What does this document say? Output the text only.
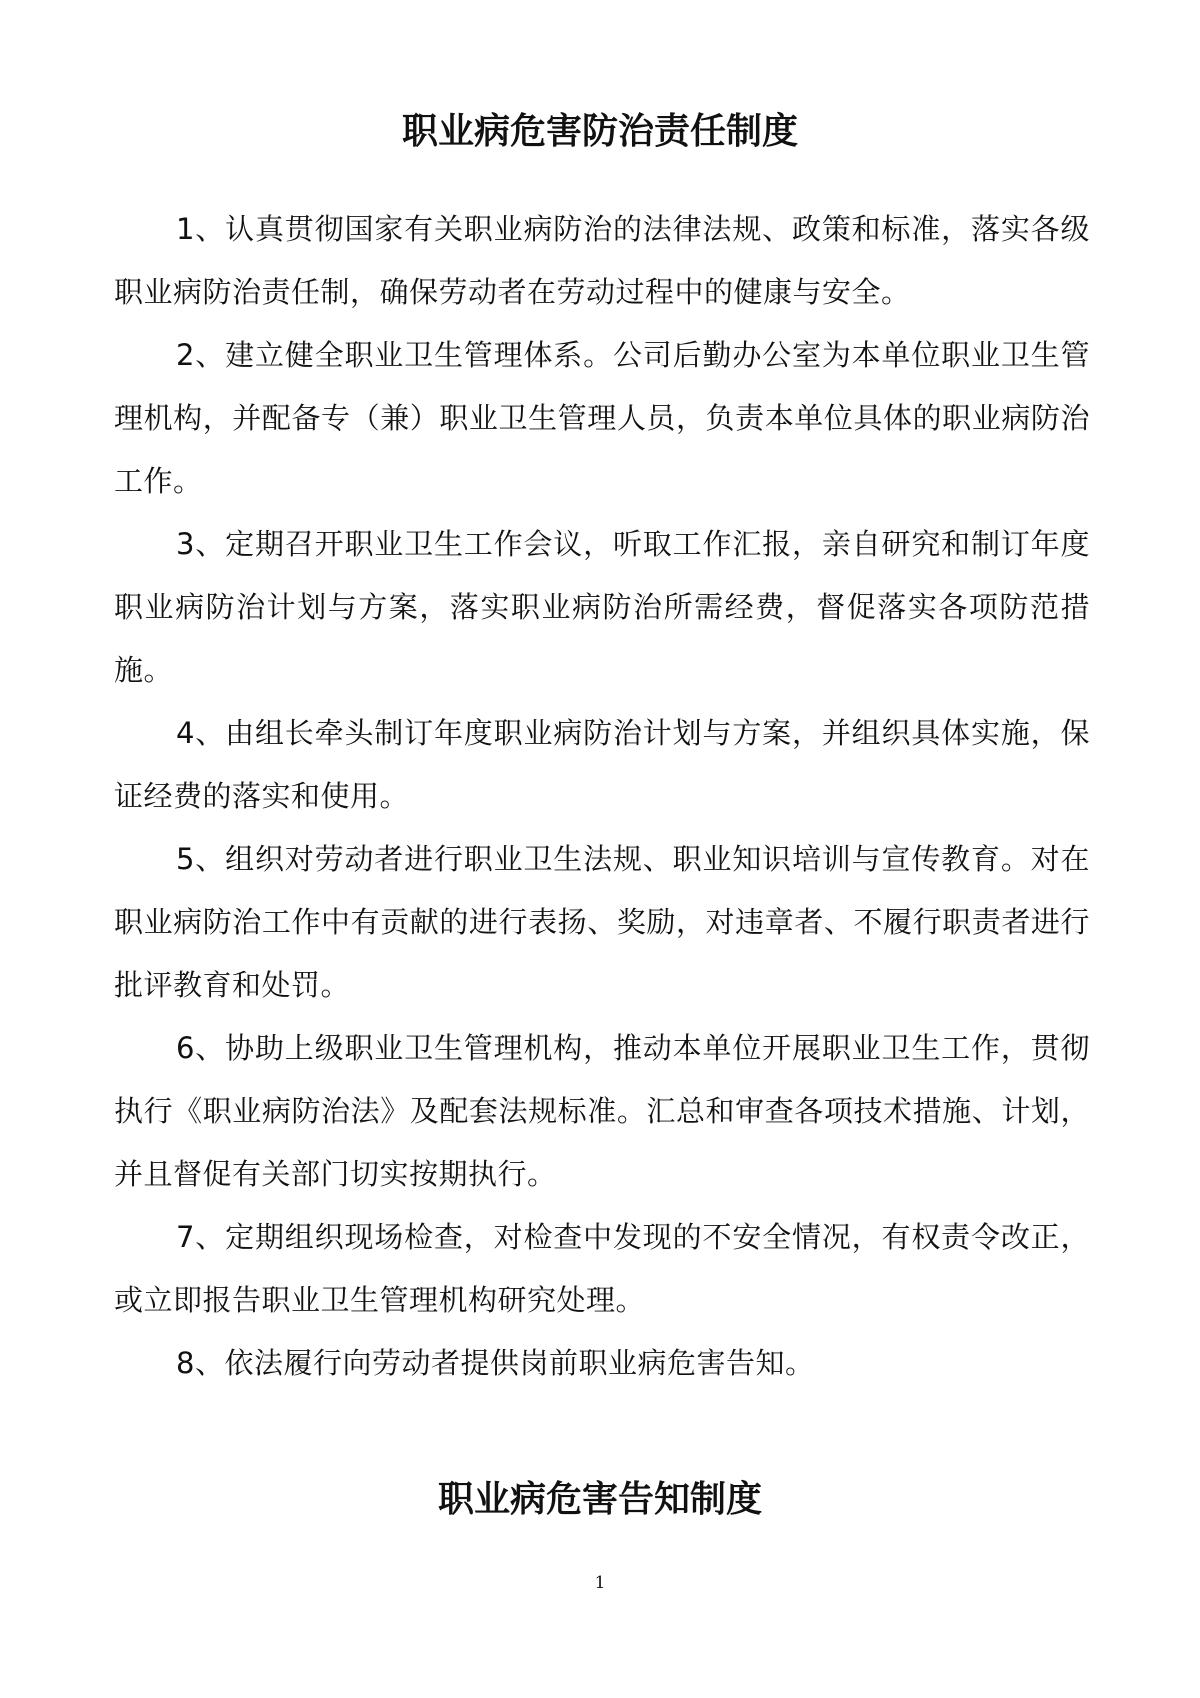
职业病危害防治责任制度

1、认真贯彻国家有关职业病防治的法律法规、政策和标准，落实各级职业病防治责任制，确保劳动者在劳动过程中的健康与安全。

2、建立健全职业卫生管理体系。公司后勤办公室为本单位职业卫生管理机构，并配备专（兼）职业卫生管理人员，负责本单位具体的职业病防治工作。

3、定期召开职业卫生工作会议，听取工作汇报，亲自研究和制订年度职业病防治计划与方案，落实职业病防治所需经费，督促落实各项防范措施。

4、由组长牵头制订年度职业病防治计划与方案，并组织具体实施，保证经费的落实和使用。

5、组织对劳动者进行职业卫生法规、职业知识培训与宣传教育。对在职业病防治工作中有贡献的进行表扬、奖励，对违章者、不履行职责者进行批评教育和处罚。

6、协助上级职业卫生管理机构，推动本单位开展职业卫生工作，贯彻执行《职业病防治法》及配套法规标准。汇总和审查各项技术措施、计划，并且督促有关部门切实按期执行。

7、定期组织现场检查，对检查中发现的不安全情况，有权责令改正，或立即报告职业卫生管理机构研究处理。

8、依法履行向劳动者提供岗前职业病危害告知。

职业病危害告知制度
1
